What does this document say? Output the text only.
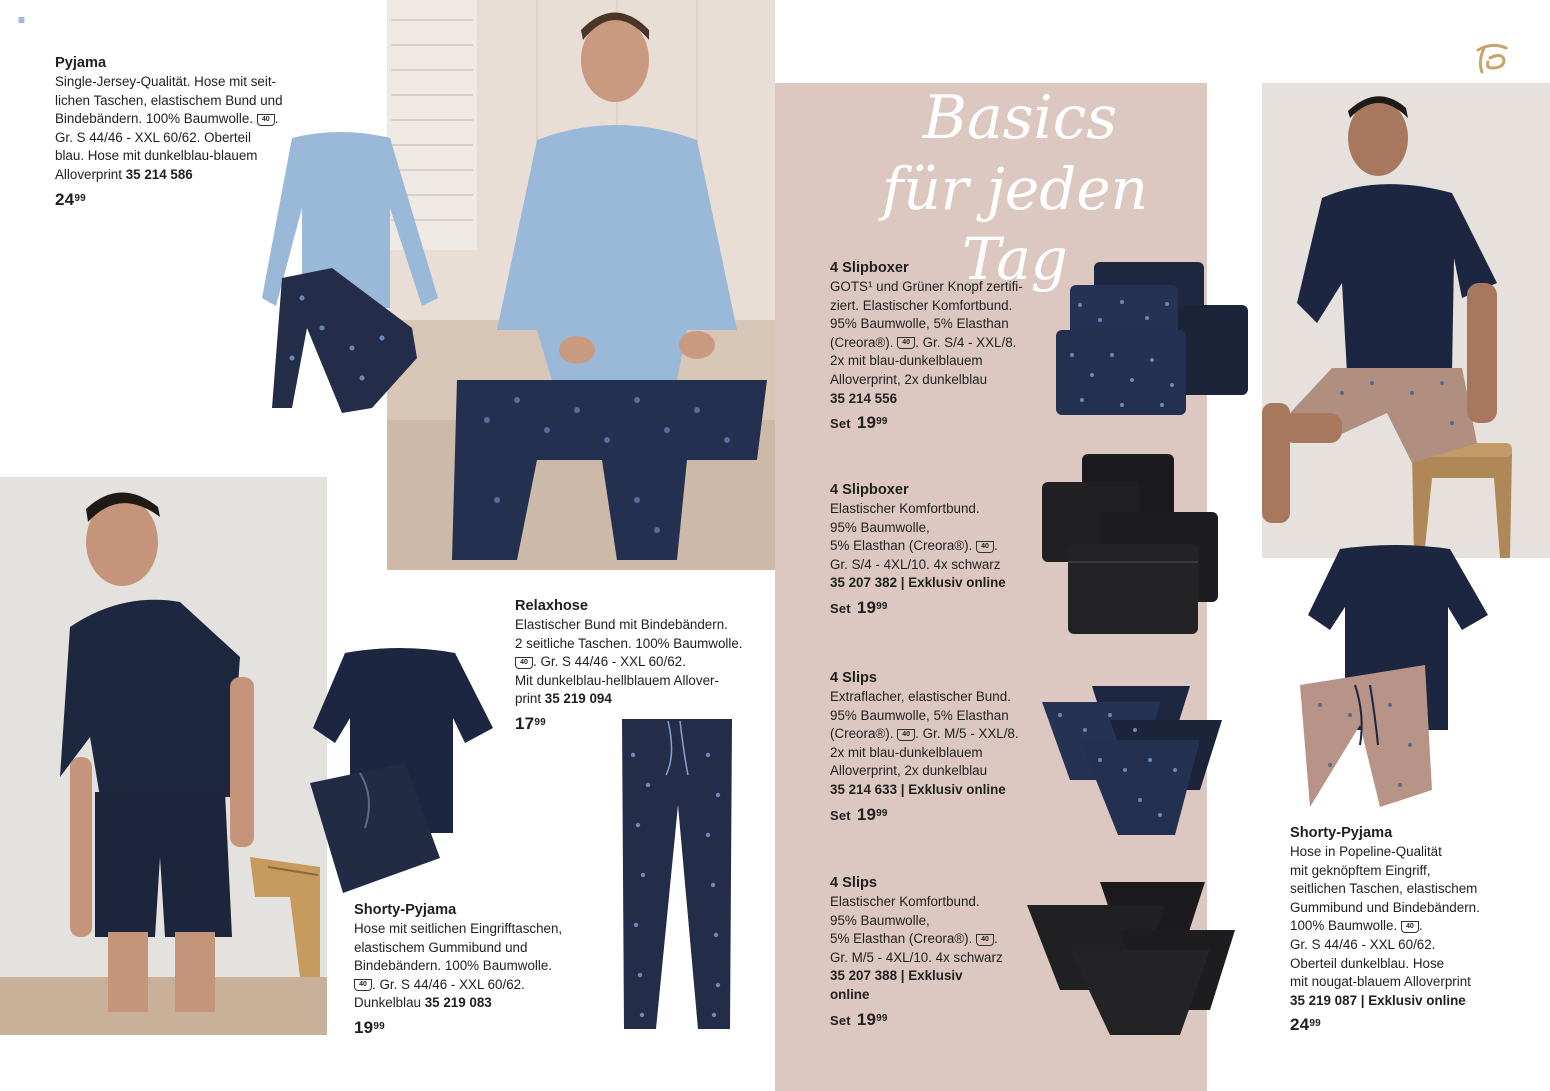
≡
Pyjama

Single-Jersey-Qualität. Hose mit seit-

lichen Taschen, elastischem Bund und

Bindebändern. 100% Baumwolle. 40 .

Gr. S 44/46 - XXL 60/62. Oberteil

blau. Hose mit dunkelblau-blauem

Alloverprint 35 214 586

$24^{99}$
Shorty-Pyjama

Hose mit seitlichen Eingrifftaschen,

elastischem Gummibund und

Bindebändern. 100% Baumwolle.

40 . Gr. S 44/46 - XXL 60/62.

Dunkelblau 35 219 083

$19^{99}$
Relaxhose

Elastischer Bund mit Bindebändern.

2 seitliche Taschen. 100% Baumwolle.

40 . Gr. S 44/46 - XXL 60/62.

Mit dunkelblau-hellblauem Allover-

print 35 219 094

$17^{99}$
Basics
für jeden Tag
4 Slipboxer

GOTS¹ und Grüner Knopf zertifi-

ziert. Elastischer Komfortbund.

95% Baumwolle, 5% Elasthan

(Creora®). 40 . Gr. S/4 - XXL/8.

2x mit blau-dunkelblauem

Alloverprint, 2x dunkelblau

35 214 556

Set $19^{99}$
4 Slipboxer

Elastischer Komfortbund.

95% Baumwolle,

5% Elasthan (Creora®). 40 .

Gr. S/4 - 4XL/10. 4x schwarz

35 207 382 | Exklusiv online

Set $19^{99}$
4 Slips

Extraflacher, elastischer Bund.

95% Baumwolle, 5% Elasthan

(Creora®). 40 . Gr. M/5 - XXL/8.

2x mit blau-dunkelblauem

Alloverprint, 2x dunkelblau

35 214 633 | Exklusiv online

Set $19^{99}$
4 Slips

Elastischer Komfortbund.

95% Baumwolle,

5% Elasthan (Creora®). 40 .

Gr. M/5 - 4XL/10. 4x schwarz

35 207 388 | Exklusiv

online

Set $19^{99}$
Shorty-Pyjama

Hose in Popeline-Qualität

mit geknöpftem Eingriff,

seitlichen Taschen, elastischem

Gummibund und Bindebändern.

100% Baumwolle. 40 .

Gr. S 44/46 - XXL 60/62.

Oberteil dunkelblau. Hose

mit nougat-blauem Alloverprint

35 219 087 | Exklusiv online

$24^{99}$
